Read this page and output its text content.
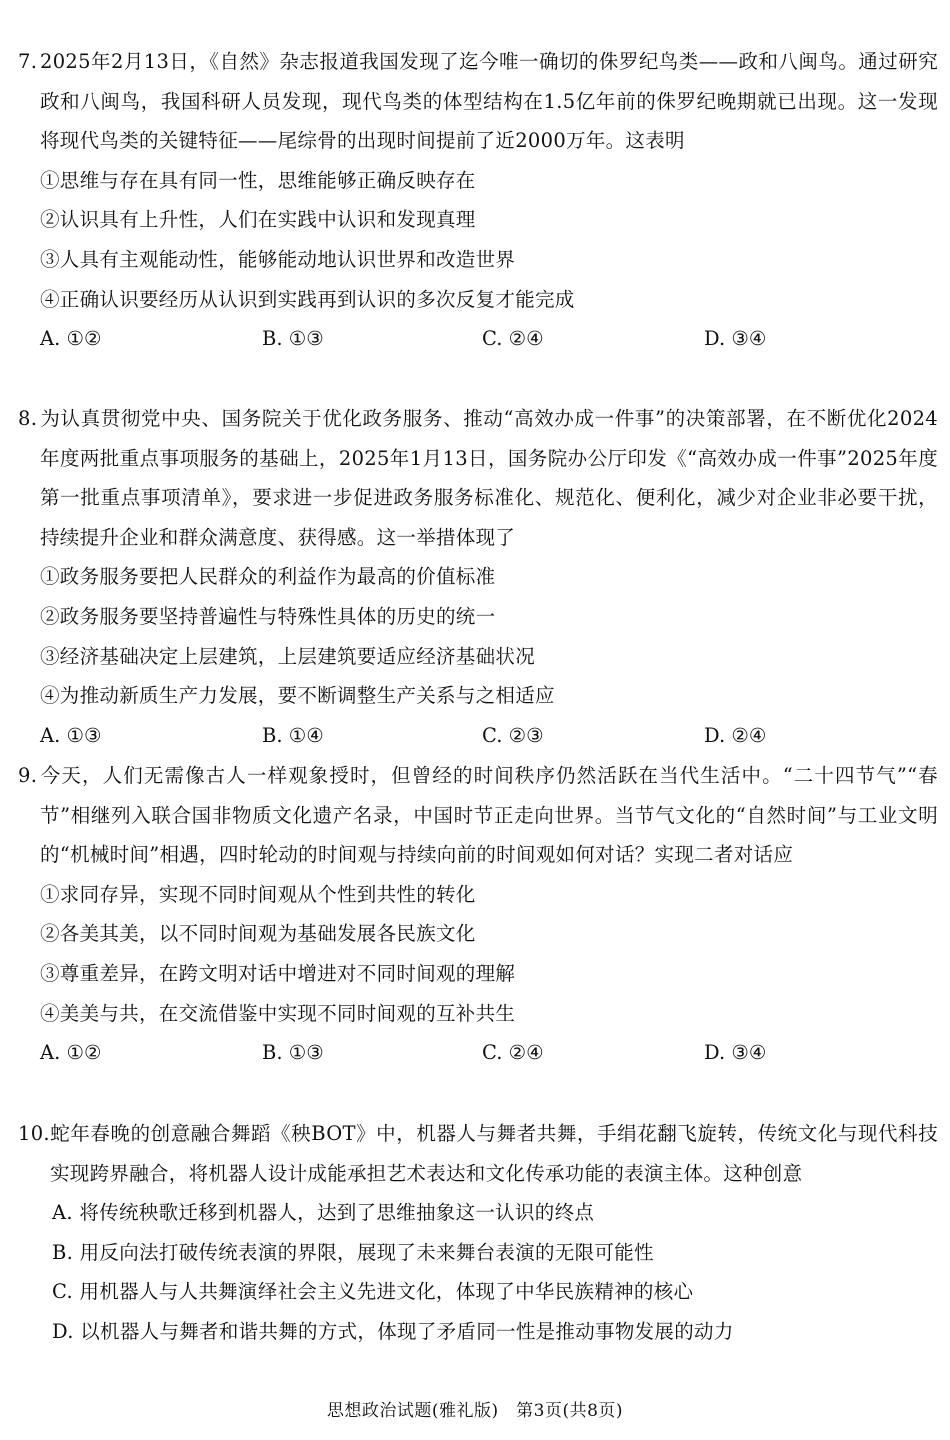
7. 2025年2月13日，《自然》杂志报道我国发现了迄今唯一确切的侏罗纪鸟类——政和八闽鸟。通过研究政和八闽鸟，我国科研人员发现，现代鸟类的体型结构在1.5亿年前的侏罗纪晚期就已出现。这一发现将现代鸟类的关键特征——尾综骨的出现时间提前了近2000万年。这表明
①思维与存在具有同一性，思维能够正确反映存在
②认识具有上升性，人们在实践中认识和发现真理
③人具有主观能动性，能够能动地认识世界和改造世界
④正确认识要经历从认识到实践再到认识的多次反复才能完成
A. ①②	B. ①③	C. ②④	D. ③④
8. 为认真贯彻党中央、国务院关于优化政务服务、推动“高效办成一件事”的决策部署，在不断优化2024年度两批重点事项服务的基础上，2025年1月13日，国务院办公厅印发《“高效办成一件事”2025年度第一批重点事项清单》，要求进一步促进政务服务标准化、规范化、便利化，减少对企业非必要干扰，持续提升企业和群众满意度、获得感。这一举措体现了
①政务服务要把人民群众的利益作为最高的价值标准
②政务服务要坚持普遍性与特殊性具体的历史的统一
③经济基础决定上层建筑，上层建筑要适应经济基础状况
④为推动新质生产力发展，要不断调整生产关系与之相适应
A. ①③	B. ①④	C. ②③	D. ②④
9. 今天，人们无需像古人一样观象授时，但曾经的时间秩序仍然活跃在当代生活中。“二十四节气”“春节”相继列入联合国非物质文化遗产名录，中国时节正走向世界。当节气文化的“自然时间”与工业文明的“机械时间”相遇，四时轮动的时间观与持续向前的时间观如何对话？实现二者对话应
①求同存异，实现不同时间观从个性到共性的转化
②各美其美，以不同时间观为基础发展各民族文化
③尊重差异，在跨文明对话中增进对不同时间观的理解
④美美与共，在交流借鉴中实现不同时间观的互补共生
A. ①②	B. ①③	C. ②④	D. ③④
10.蛇年春晚的创意融合舞蹈《秧BOT》中，机器人与舞者共舞，手绢花翻飞旋转，传统文化与现代科技实现跨界融合，将机器人设计成能承担艺术表达和文化传承功能的表演主体。这种创意
A. 将传统秧歌迁移到机器人，达到了思维抽象这一认识的终点
B. 用反向法打破传统表演的界限，展现了未来舞台表演的无限可能性
C. 用机器人与人共舞演绎社会主义先进文化，体现了中华民族精神的核心
D. 以机器人与舞者和谐共舞的方式，体现了矛盾同一性是推动事物发展的动力
思想政治试题(雅礼版)　第3页(共8页)
